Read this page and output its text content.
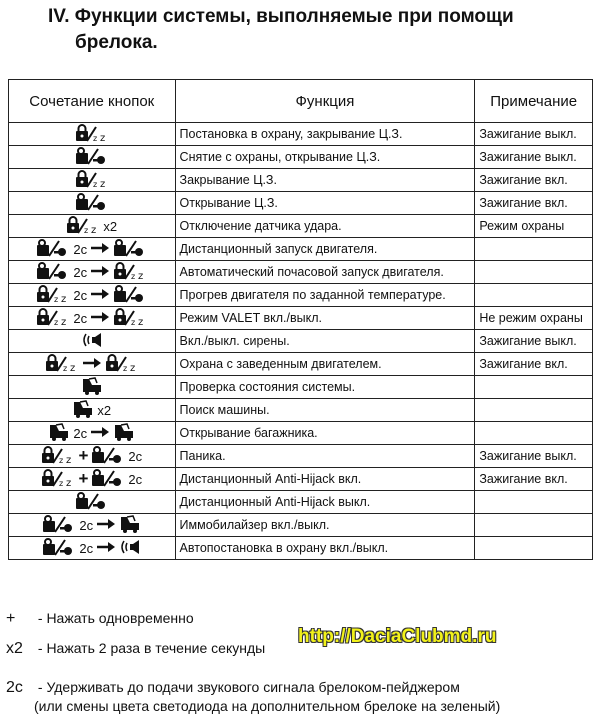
IV. Функции системы, выполняемые при помощи
брелока.
Сочетание кнопок	Функция	Примечание

z z	Постановка в охрану, закрывание Ц.З.	Зажигание выкл.

	Снятие с охраны, открывание Ц.З.	Зажигание выкл.

z z	Закрывание Ц.З.	Зажигание вкл.

	Открывание Ц.З.	Зажигание вкл.

z z x2	Отключение датчика удара.	Режим охраны

2c	Дистанционный запуск двигателя.	

2c z z	Автоматический почасовой запуск двигателя.	

z z 2c	Прогрев двигателя по заданной температуре.	

z z 2c z z	Режим VALET вкл./выкл.	Не режим охраны

	Вкл./выкл. сирены.	Зажигание выкл.

z z z z	Охрана с заведенным двигателем.	Зажигание вкл.

	Проверка состояния системы.	

x2	Поиск машины.	

2c	Открывание багажника.	

z z + 2c	Паника.	Зажигание выкл.

z z + 2c	Дистанционный Anti-Hijack вкл.	Зажигание вкл.

	Дистанционный Anti-Hijack выкл.	

2c	Иммобилайзер вкл./выкл.	

2c	Автопостановка в охрану вкл./выкл.	
+ - Нажать одновременно
x2 - Нажать 2 раза в течение секунды
2c - Удерживать до подачи звукового сигнала брелоком-пейджером
(или смены цвета светодиода на дополнительном брелоке на зеленый)
http://DaciaClubmd.ru
